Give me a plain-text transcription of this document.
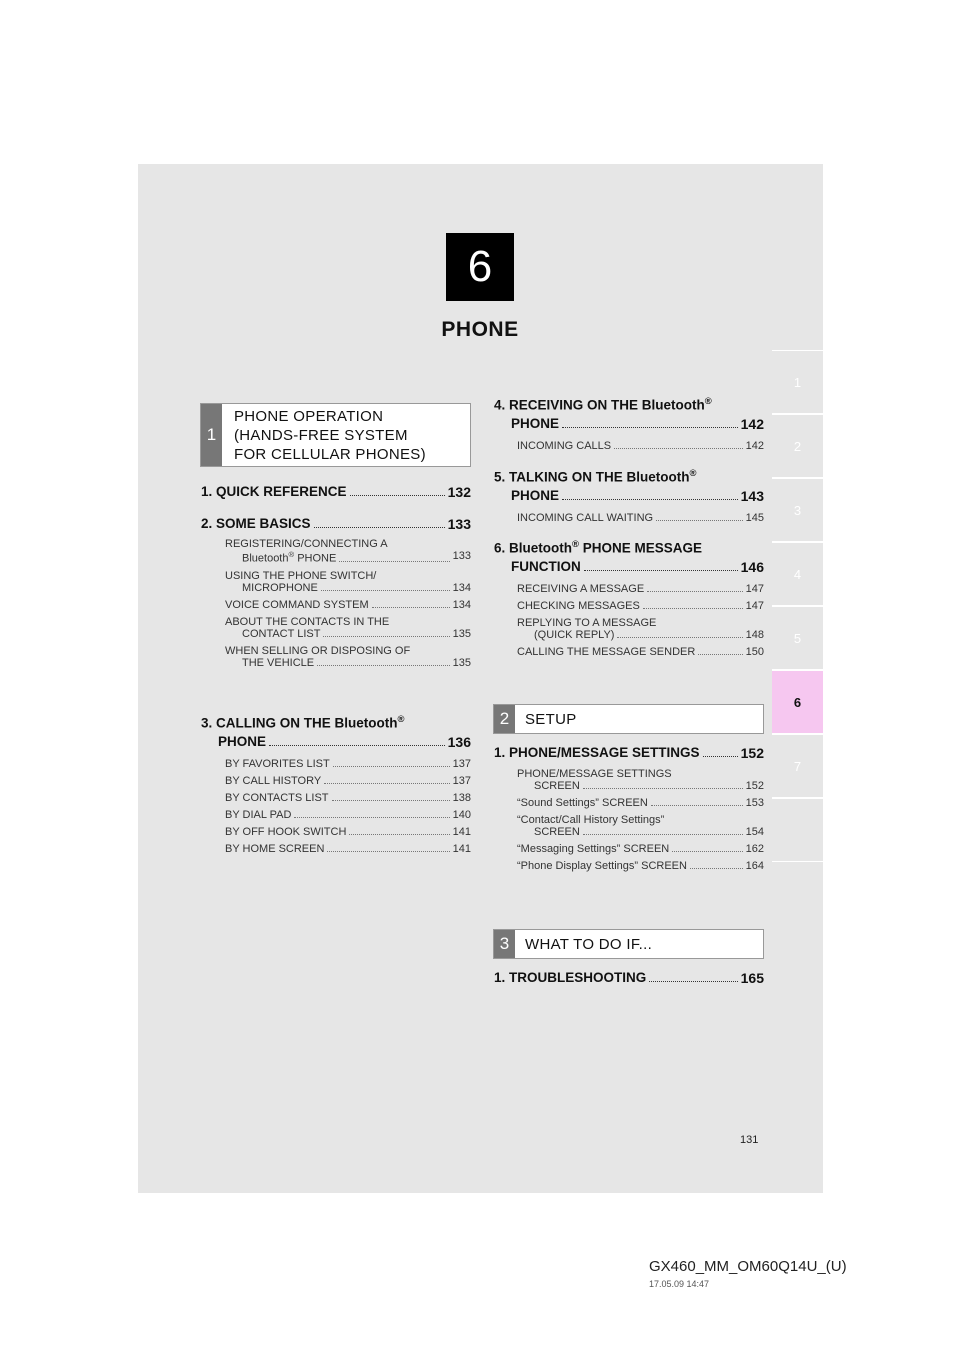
6
PHONE
1
2
3
4
5
6
7
1
PHONE OPERATION
(HANDS-FREE SYSTEM
FOR CELLULAR PHONES)
1. QUICK REFERENCE	132
2. SOME BASICS	133
REGISTERING/CONNECTING A
Bluetooth® PHONE	133
USING THE PHONE SWITCH/
MICROPHONE	134
VOICE COMMAND SYSTEM	134
ABOUT THE CONTACTS IN THE
CONTACT LIST	135
WHEN SELLING OR DISPOSING OF
THE VEHICLE	135
3. CALLING ON THE Bluetooth®
PHONE	136
BY FAVORITES LIST	137
BY CALL HISTORY	137
BY CONTACTS LIST	138
BY DIAL PAD	140
BY OFF HOOK SWITCH	141
BY HOME SCREEN	141
4. RECEIVING ON THE Bluetooth®
PHONE	142
INCOMING CALLS	142
5. TALKING ON THE Bluetooth®
PHONE	143
INCOMING CALL WAITING	145
6. Bluetooth® PHONE MESSAGE
FUNCTION	146
RECEIVING A MESSAGE	147
CHECKING MESSAGES	147
REPLYING TO A MESSAGE
(QUICK REPLY)	148
CALLING THE MESSAGE SENDER	150
2	SETUP
1. PHONE/MESSAGE SETTINGS	152
PHONE/MESSAGE SETTINGS
SCREEN	152
“Sound Settings” SCREEN	153
“Contact/Call History Settings”
SCREEN	154
“Messaging Settings” SCREEN	162
“Phone Display Settings” SCREEN	164
3	WHAT TO DO IF...
1. TROUBLESHOOTING	165
131
GX460_MM_OM60Q14U_(U)
17.05.09 14:47
